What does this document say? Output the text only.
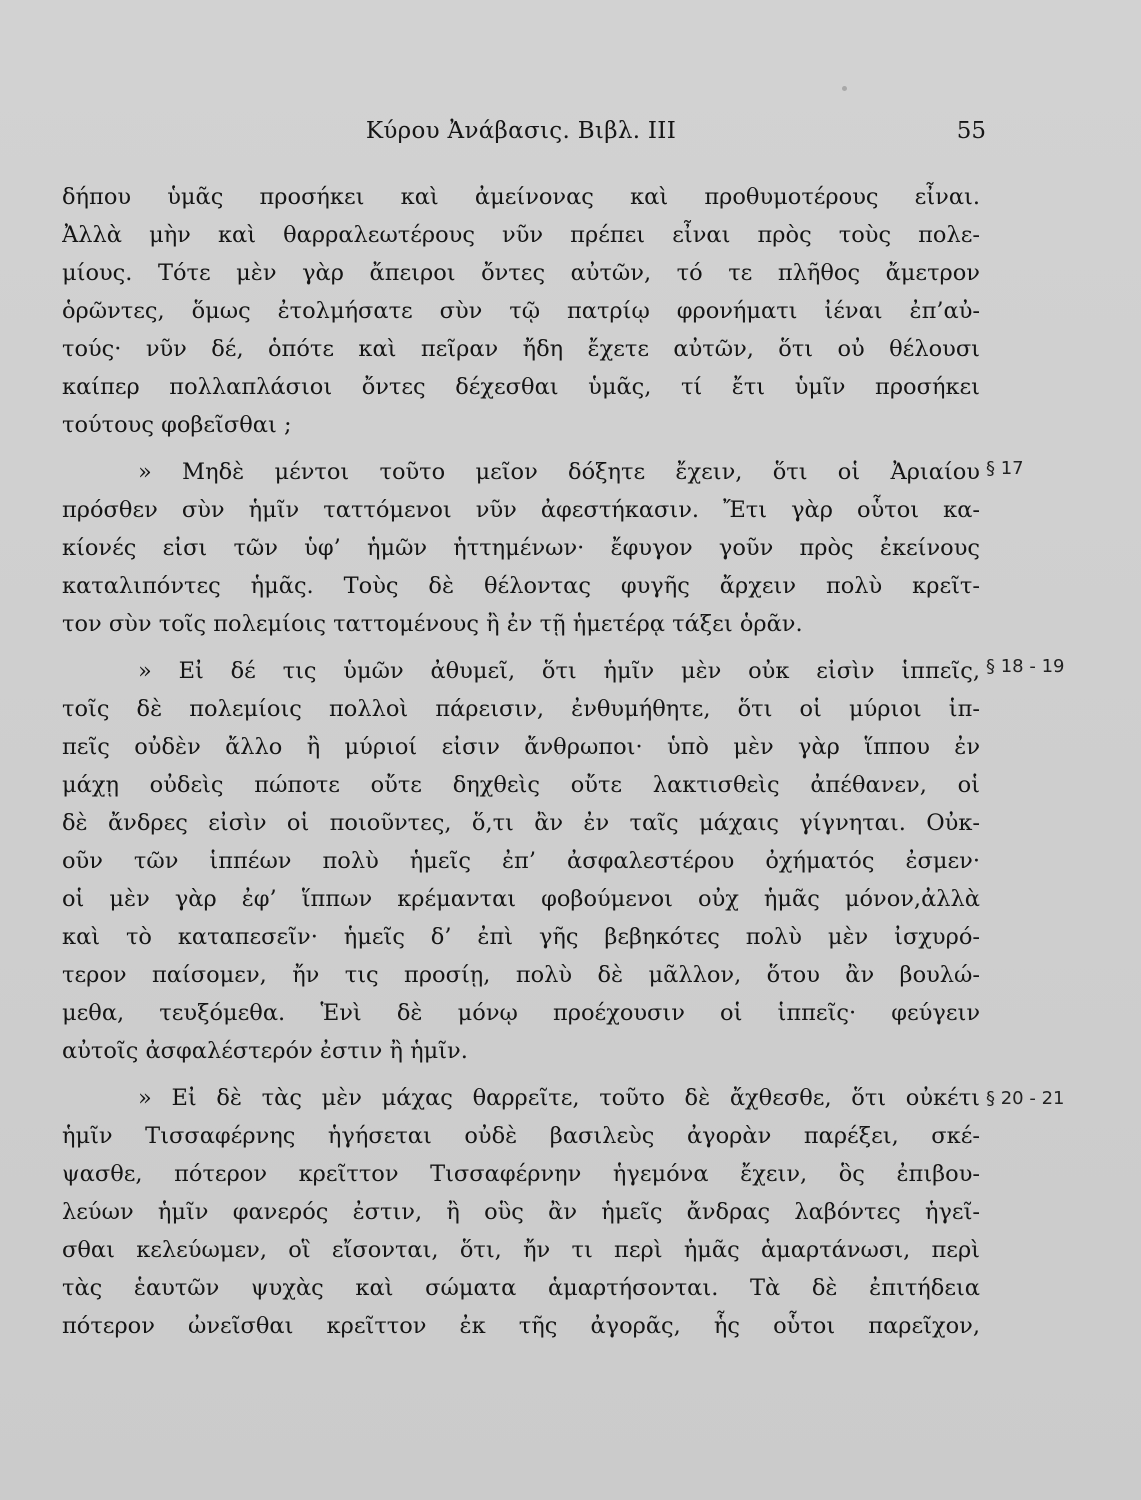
Κύρου Ἀνάβασις. Βιβλ. III	55
δήπου ὑμᾶς προσήκει καὶ ἀμείνονας καὶ προθυμοτέρους εἶναι.
Ἀλλὰ μὴν καὶ θαρραλεωτέρους νῦν πρέπει εἶναι πρὸς τοὺς πολε-
μίους. Τότε μὲν γὰρ ἄπειροι ὄντες αὐτῶν, τό τε πλῆθος ἄμετρον
ὁρῶντες, ὅμως ἐτολμήσατε σὺν τῷ πατρίῳ φρονήματι ἰέναι ἐπ’αὐ-
τούς· νῦν δέ, ὁπότε καὶ πεῖραν ἤδη ἔχετε αὐτῶν, ὅτι οὐ θέλουσι
καίπερ πολλαπλάσιοι ὄντες δέχεσθαι ὑμᾶς, τί ἔτι ὑμῖν προσήκει
τούτους φοβεῖσθαι ;
» Μηδὲ μέντοι τοῦτο μεῖον δόξητε ἔχειν, ὅτι οἱ Ἀριαίου
πρόσθεν σὺν ἡμῖν ταττόμενοι νῦν ἀφεστήκασιν. Ἔτι γὰρ οὗτοι κα-
κίονές εἰσι τῶν ὑφ’ ἡμῶν ἡττημένων· ἔφυγον γοῦν πρὸς ἐκείνους
καταλιπόντες ἡμᾶς. Τοὺς δὲ θέλοντας φυγῆς ἄρχειν πολὺ κρεῖτ-
τον σὺν τοῖς πολεμίοις ταττομένους ἢ ἐν τῇ ἡμετέρᾳ τάξει ὁρᾶν.
» Εἰ δέ τις ὑμῶν ἀθυμεῖ, ὅτι ἡμῖν μὲν οὐκ εἰσὶν ἱππεῖς,
τοῖς δὲ πολεμίοις πολλοὶ πάρεισιν, ἐνθυμήθητε, ὅτι οἱ μύριοι ἱπ-
πεῖς οὐδὲν ἄλλο ἢ μύριοί εἰσιν ἄνθρωποι· ὑπὸ μὲν γὰρ ἵππου ἐν
μάχῃ οὐδεὶς πώποτε οὔτε δηχθεὶς οὔτε λακτισθεὶς ἀπέθανεν, οἱ
δὲ ἄνδρες εἰσὶν οἱ ποιοῦντες, ὅ,τι ἂν ἐν ταῖς μάχαις γίγνηται. Οὐκ-
οῦν τῶν ἱππέων πολὺ ἡμεῖς ἐπ’ ἀσφαλεστέρου ὀχήματός ἐσμεν·
οἱ μὲν γὰρ ἐφ’ ἵππων κρέμανται φοβούμενοι οὐχ ἡμᾶς μόνον,ἀλλὰ
καὶ τὸ καταπεσεῖν· ἡμεῖς δ’ ἐπὶ γῆς βεβηκότες πολὺ μὲν ἰσχυρό-
τερον παίσομεν, ἤν τις προσίῃ, πολὺ δὲ μᾶλλον, ὅτου ἂν βουλώ-
μεθα, τευξόμεθα. Ἑνὶ δὲ μόνῳ προέχουσιν οἱ ἱππεῖς· φεύγειν
αὐτοῖς ἀσφαλέστερόν ἐστιν ἢ ἡμῖν.
» Εἰ δὲ τὰς μὲν μάχας θαρρεῖτε, τοῦτο δὲ ἄχθεσθε, ὅτι οὐκέτι
ἡμῖν Τισσαφέρνης ἡγήσεται οὐδὲ βασιλεὺς ἀγορὰν παρέξει, σκέ-
ψασθε, πότερον κρεῖττον Τισσαφέρνην ἡγεμόνα ἔχειν, ὃς ἐπιβου-
λεύων ἡμῖν φανερός ἐστιν, ἢ οὓς ἂν ἡμεῖς ἄνδρας λαβόντες ἡγεῖ-
σθαι κελεύωμεν, οἳ εἴσονται, ὅτι, ἤν τι περὶ ἡμᾶς ἁμαρτάνωσι, περὶ
τὰς ἑαυτῶν ψυχὰς καὶ σώματα ἁμαρτήσονται. Τὰ δὲ ἐπιτήδεια
πότερον ὠνεῖσθαι κρεῖττον ἐκ τῆς ἀγορᾶς, ἧς οὗτοι παρεῖχον,
§ 17
§ 18 - 19
§ 20 - 21
